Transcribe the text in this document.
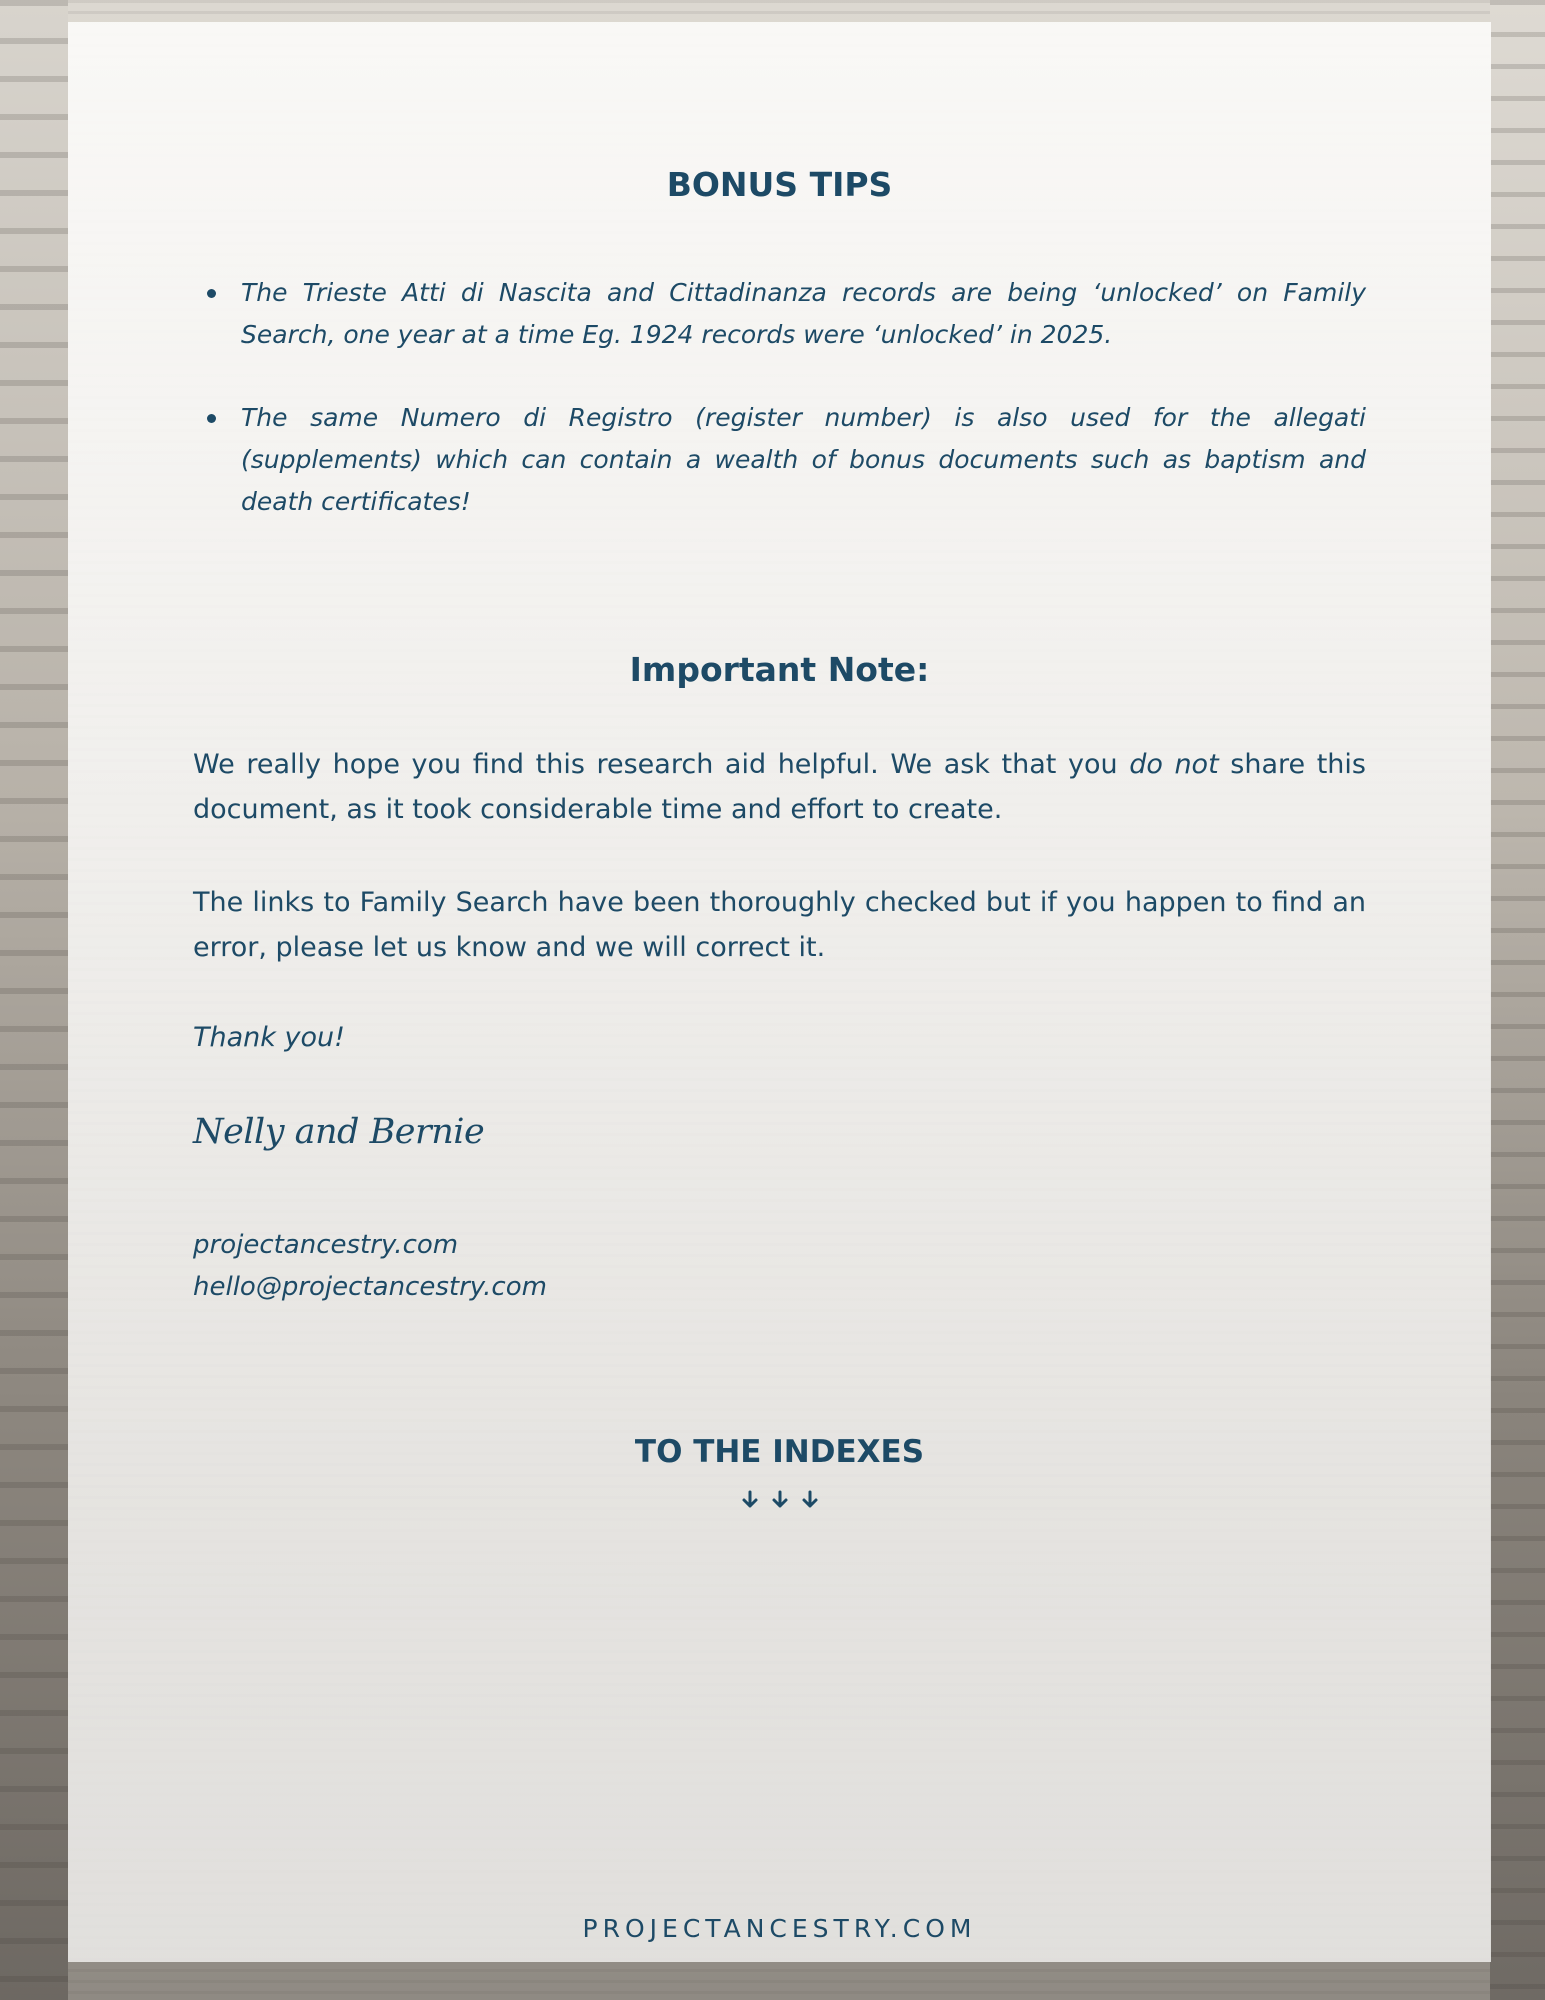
BONUS TIPS
The Trieste Atti di Nascita and Cittadinanza records are being ‘unlocked’ on Family Search, one year at a time Eg. 1924 records were ‘unlocked’ in 2025.
The same Numero di Registro (register number) is also used for the allegati (supplements) which can contain a wealth of bonus documents such as baptism and death certificates!
Important Note:

We really hope you find this research aid helpful. We ask that you do not share this document, as it took considerable time and effort to create.

The links to Family Search have been thoroughly checked but if you happen to find an error, please let us know and we will correct it.

Thank you!

Nelly and Bernie

projectancestry.com

hello@projectancestry.com

TO THE INDEXES

PROJECTANCESTRY.COM
